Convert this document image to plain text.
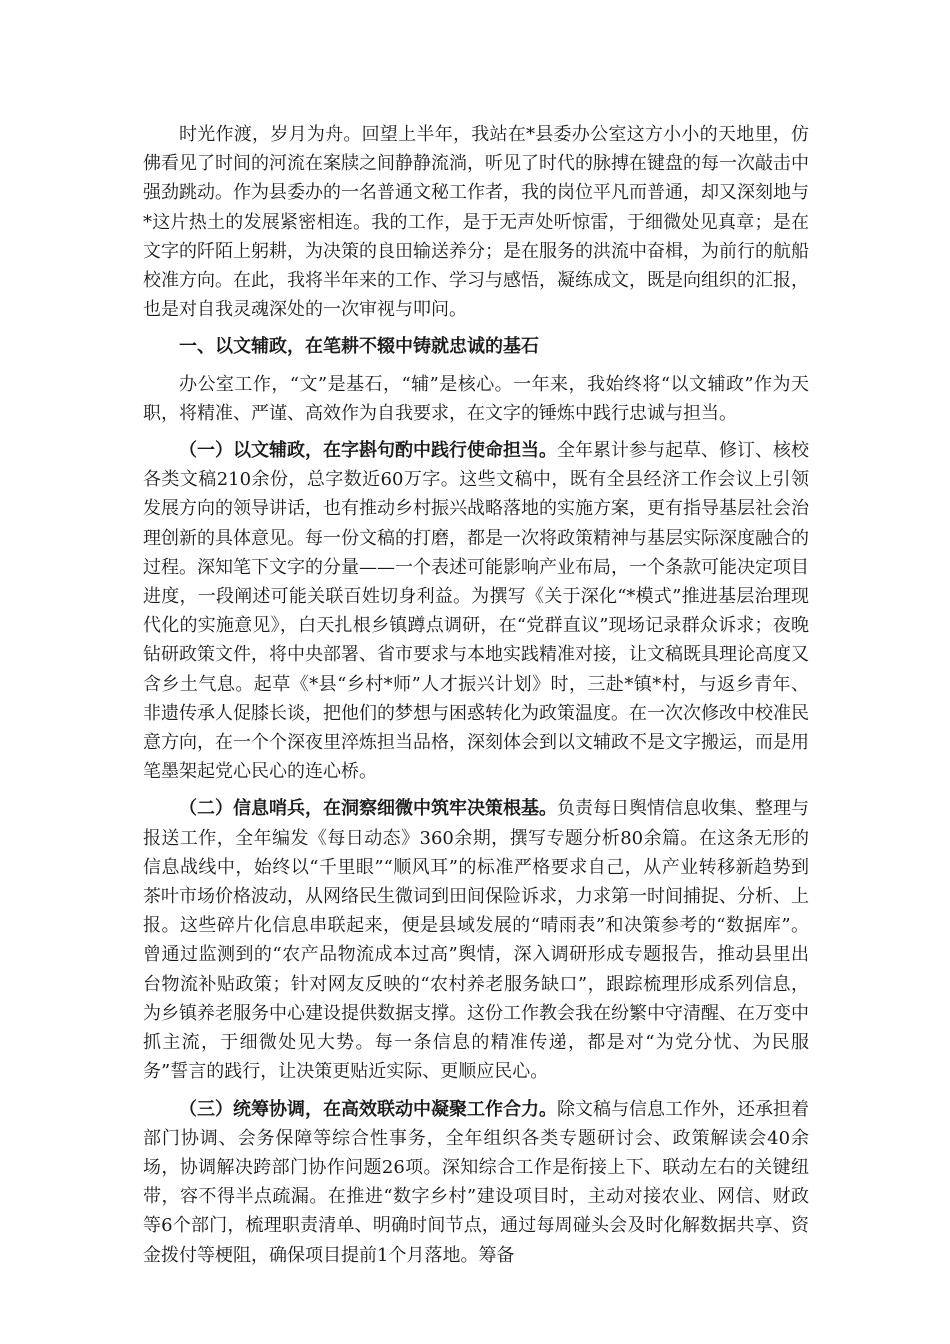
时光作渡，岁月为舟。回望上半年，我站在*县委办公室这方小小的天地里，仿佛看见了时间的河流在案牍之间静静流淌，听见了时代的脉搏在键盘的每一次敲击中强劲跳动。作为县委办的一名普通文秘工作者，我的岗位平凡而普通，却又深刻地与*这片热土的发展紧密相连。我的工作，是于无声处听惊雷，于细微处见真章；是在文字的阡陌上躬耕，为决策的良田输送养分；是在服务的洪流中奋楫，为前行的航船校准方向。在此，我将半年来的工作、学习与感悟，凝练成文，既是向组织的汇报，也是对自我灵魂深处的一次审视与叩问。

一、以文辅政，在笔耕不辍中铸就忠诚的基石

办公室工作，“文”是基石，“辅”是核心。一年来，我始终将“以文辅政”作为天职，将精准、严谨、高效作为自我要求，在文字的锤炼中践行忠诚与担当。

（一）以文辅政，在字斟句酌中践行使命担当。全年累计参与起草、修订、核校各类文稿210余份，总字数近60万字。这些文稿中，既有全县经济工作会议上引领发展方向的领导讲话，也有推动乡村振兴战略落地的实施方案，更有指导基层社会治理创新的具体意见。每一份文稿的打磨，都是一次将政策精神与基层实际深度融合的过程。深知笔下文字的分量——一个表述可能影响产业布局，一个条款可能决定项目进度，一段阐述可能关联百姓切身利益。为撰写《关于深化“*模式”推进基层治理现代化的实施意见》，白天扎根乡镇蹲点调研，在“党群直议”现场记录群众诉求；夜晚钻研政策文件，将中央部署、省市要求与本地实践精准对接，让文稿既具理论高度又含乡土气息。起草《*县“乡村*师”人才振兴计划》时，三赴*镇*村，与返乡青年、非遗传承人促膝长谈，把他们的梦想与困惑转化为政策温度。在一次次修改中校准民意方向，在一个个深夜里淬炼担当品格，深刻体会到以文辅政不是文字搬运，而是用笔墨架起党心民心的连心桥。

（二）信息哨兵，在洞察细微中筑牢决策根基。负责每日舆情信息收集、整理与报送工作，全年编发《每日动态》360余期，撰写专题分析80余篇。在这条无形的信息战线中，始终以“千里眼”“顺风耳”的标准严格要求自己，从产业转移新趋势到茶叶市场价格波动，从网络民生微词到田间保险诉求，力求第一时间捕捉、分析、上报。这些碎片化信息串联起来，便是县域发展的“晴雨表”和决策参考的“数据库”。曾通过监测到的“农产品物流成本过高”舆情，深入调研形成专题报告，推动县里出台物流补贴政策；针对网友反映的“农村养老服务缺口”，跟踪梳理形成系列信息，为乡镇养老服务中心建设提供数据支撑。这份工作教会我在纷繁中守清醒、在万变中抓主流，于细微处见大势。每一条信息的精准传递，都是对“为党分忧、为民服务”誓言的践行，让决策更贴近实际、更顺应民心。

（三）统筹协调，在高效联动中凝聚工作合力。除文稿与信息工作外，还承担着部门协调、会务保障等综合性事务，全年组织各类专题研讨会、政策解读会40余场，协调解决跨部门协作问题26项。深知综合工作是衔接上下、联动左右的关键纽带，容不得半点疏漏。在推进“数字乡村”建设项目时，主动对接农业、网信、财政等6个部门，梳理职责清单、明确时间节点，通过每周碰头会及时化解数据共享、资金拨付等梗阻，确保项目提前1个月落地。筹备
